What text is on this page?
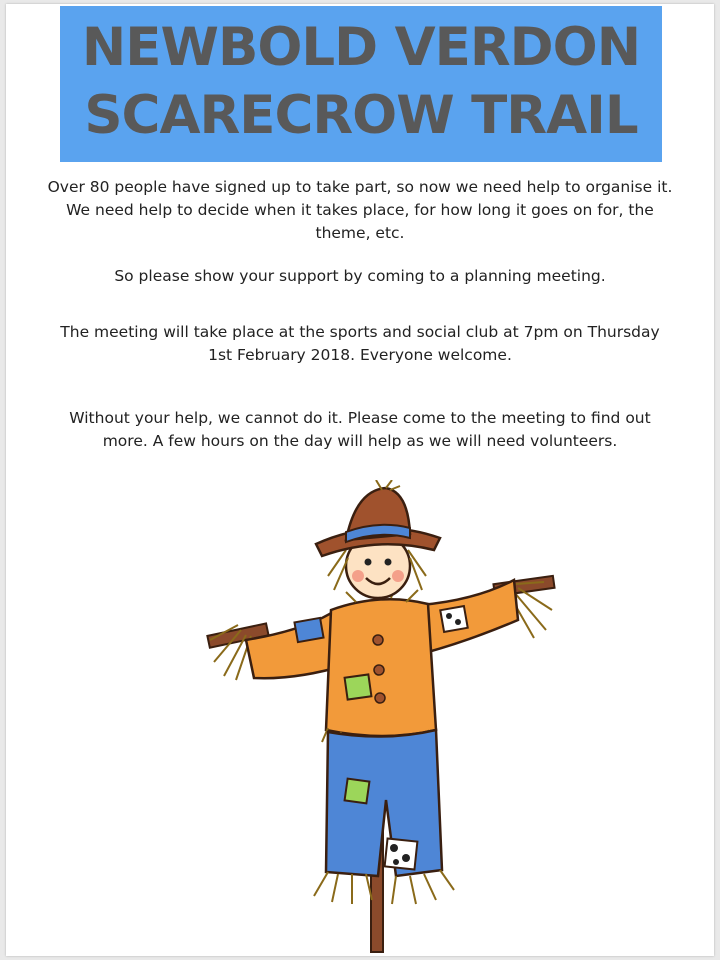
NEWBOLD VERDON
SCARECROW TRAIL
Over 80 people have signed up to take part, so now we need help to organise it. We need help to decide when it takes place, for how long it goes on for, the theme, etc.
So please show your support by coming to a planning meeting.
The meeting will take place at the sports and social club at 7pm on Thursday 1st February 2018. Everyone welcome.
Without your help, we cannot do it. Please come to the meeting to find out more. A few hours on the day will help as we will need volunteers.
